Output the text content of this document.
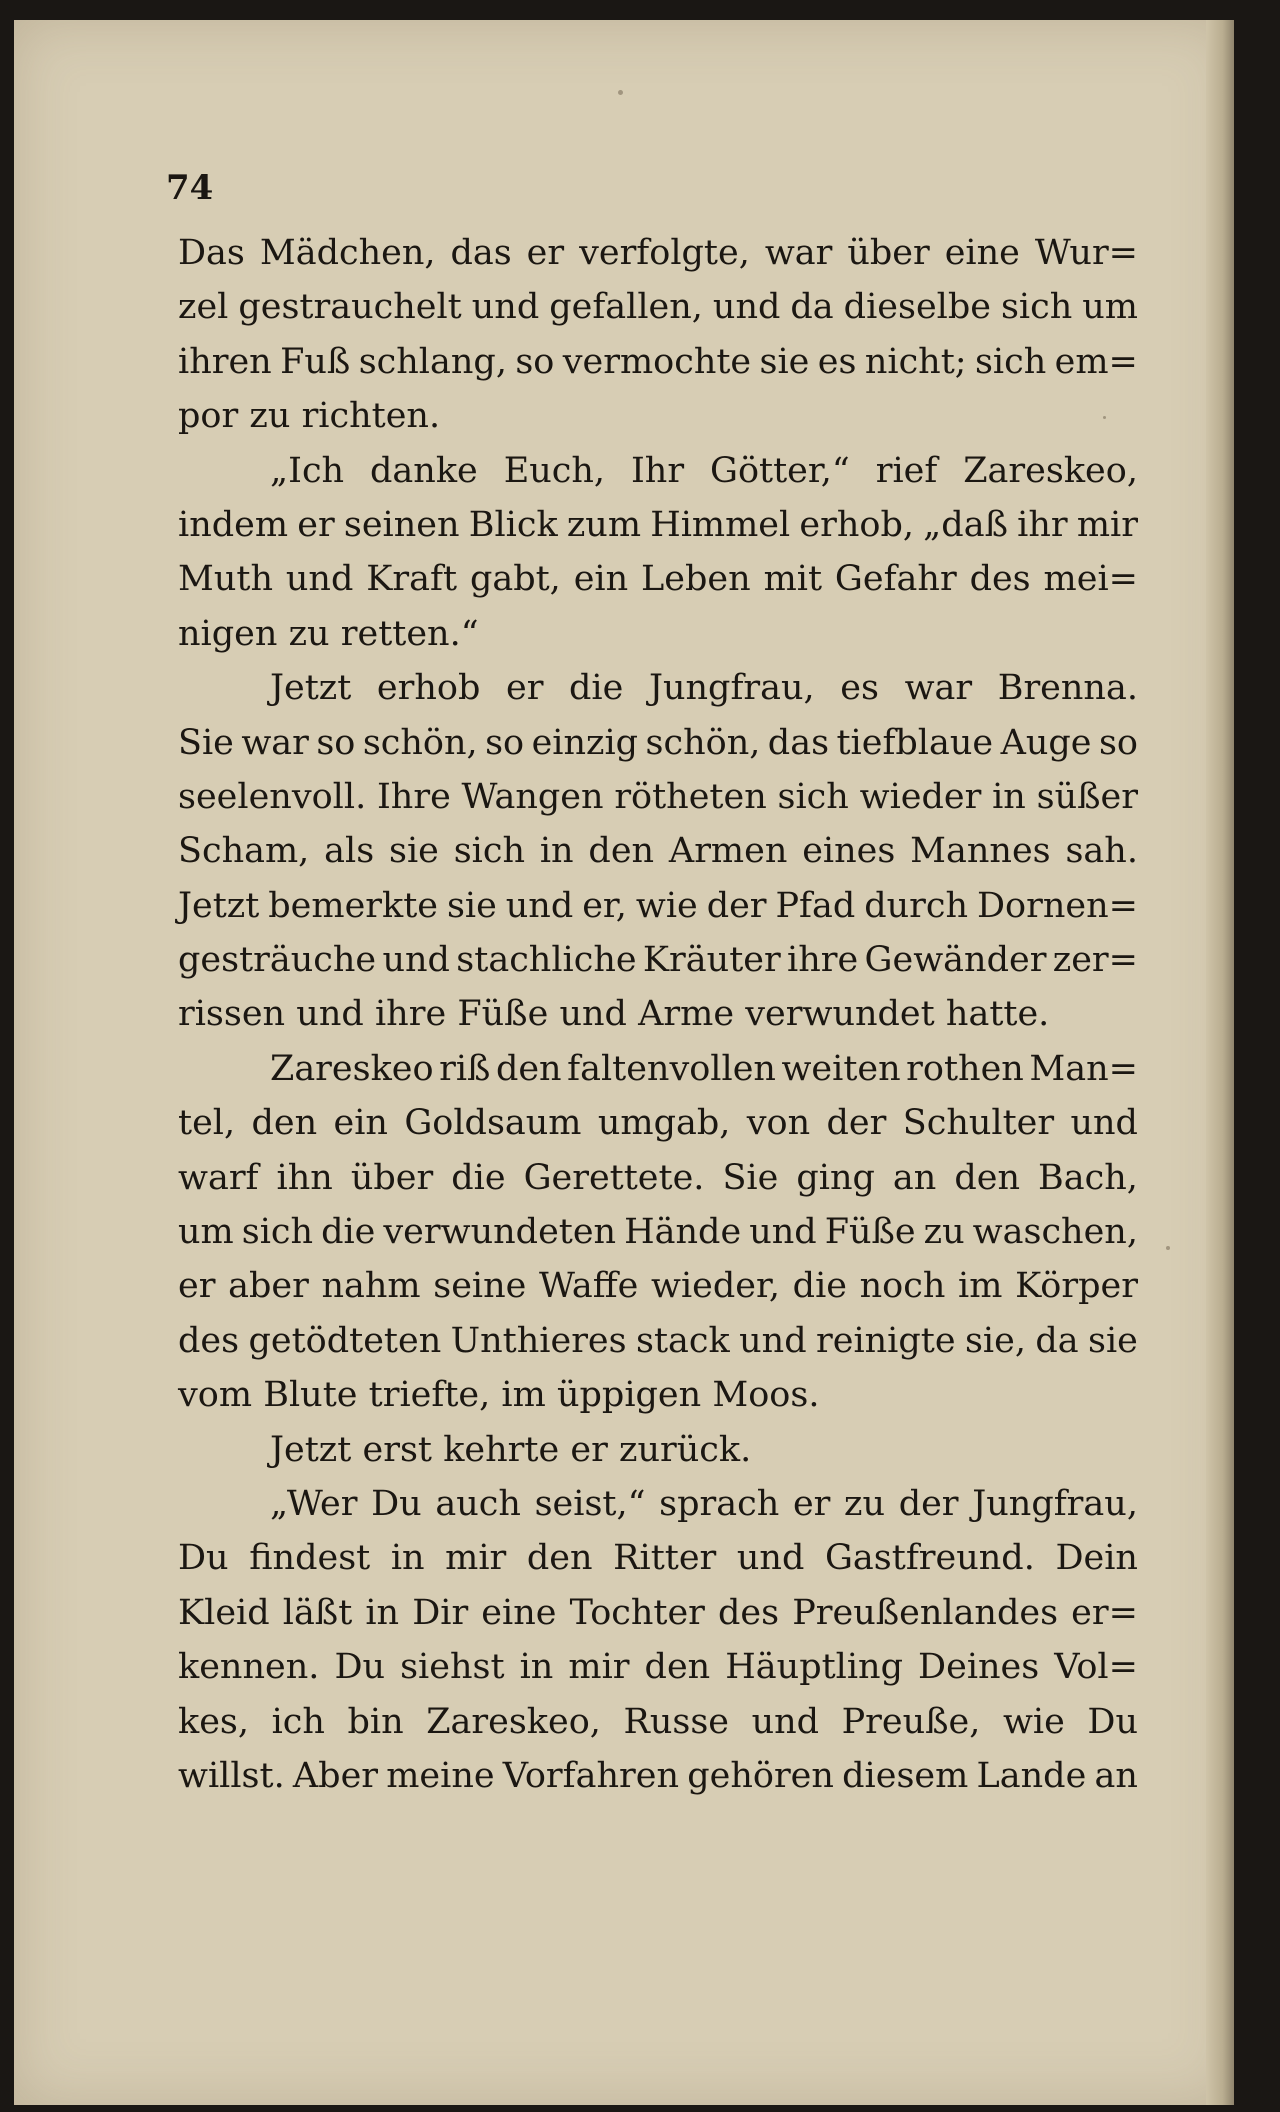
74
Das Mädchen, das er verfolgte, war über eine Wur=
zel gestrauchelt und gefallen, und da dieselbe sich um
ihren Fuß schlang, so vermochte sie es nicht; sich em=
por zu richten.
„Ich danke Euch, Ihr Götter,“ rief Zareskeo,
indem er seinen Blick zum Himmel erhob, „daß ihr mir
Muth und Kraft gabt, ein Leben mit Gefahr des mei=
nigen zu retten.“
Jetzt erhob er die Jungfrau, es war Brenna.
Sie war so schön, so einzig schön, das tiefblaue Auge so
seelenvoll. Ihre Wangen rötheten sich wieder in süßer
Scham, als sie sich in den Armen eines Mannes sah.
Jetzt bemerkte sie und er, wie der Pfad durch Dornen=
gesträuche und stachliche Kräuter ihre Gewänder zer=
rissen und ihre Füße und Arme verwundet hatte.
Zareskeo riß den faltenvollen weiten rothen Man=
tel, den ein Goldsaum umgab, von der Schulter und
warf ihn über die Gerettete. Sie ging an den Bach,
um sich die verwundeten Hände und Füße zu waschen,
er aber nahm seine Waffe wieder, die noch im Körper
des getödteten Unthieres stack und reinigte sie, da sie
vom Blute triefte, im üppigen Moos.
Jetzt erst kehrte er zurück.
„Wer Du auch seist,“ sprach er zu der Jungfrau,
Du findest in mir den Ritter und Gastfreund. Dein
Kleid läßt in Dir eine Tochter des Preußenlandes er=
kennen. Du siehst in mir den Häuptling Deines Vol=
kes, ich bin Zareskeo, Russe und Preuße, wie Du
willst. Aber meine Vorfahren gehören diesem Lande an
